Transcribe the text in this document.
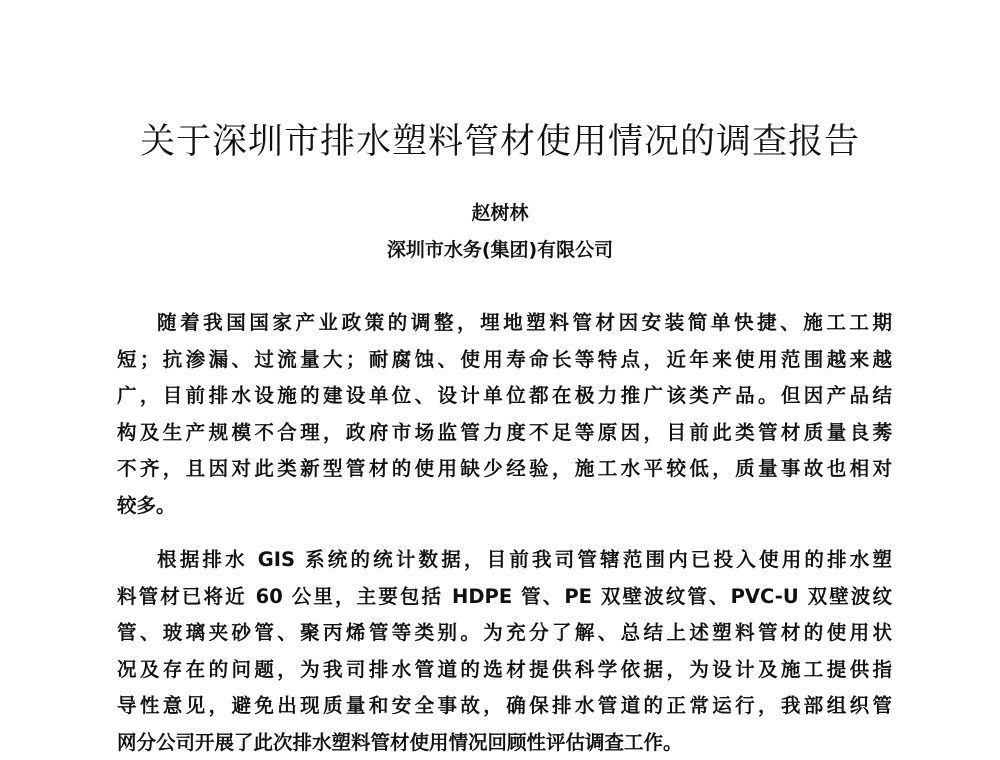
关于深圳市排水塑料管材使用情况的调查报告
赵树林
深圳市水务(集团)有限公司
随着我国国家产业政策的调整，埋地塑料管材因安装简单快捷、施工工期
短；抗渗漏、过流量大；耐腐蚀、使用寿命长等特点，近年来使用范围越来越
广，目前排水设施的建设单位、设计单位都在极力推广该类产品。但因产品结
构及生产规模不合理，政府市场监管力度不足等原因，目前此类管材质量良莠
不齐，且因对此类新型管材的使用缺少经验，施工水平较低，质量事故也相对
较多。
根据排水 GIS 系统的统计数据，目前我司管辖范围内已投入使用的排水塑
料管材已将近 60 公里，主要包括 HDPE 管、PE 双壁波纹管、PVC-U 双壁波纹
管、玻璃夹砂管、聚丙烯管等类别。为充分了解、总结上述塑料管材的使用状
况及存在的问题，为我司排水管道的选材提供科学依据，为设计及施工提供指
导性意见，避免出现质量和安全事故，确保排水管道的正常运行，我部组织管
网分公司开展了此次排水塑料管材使用情况回顾性评估调查工作。
